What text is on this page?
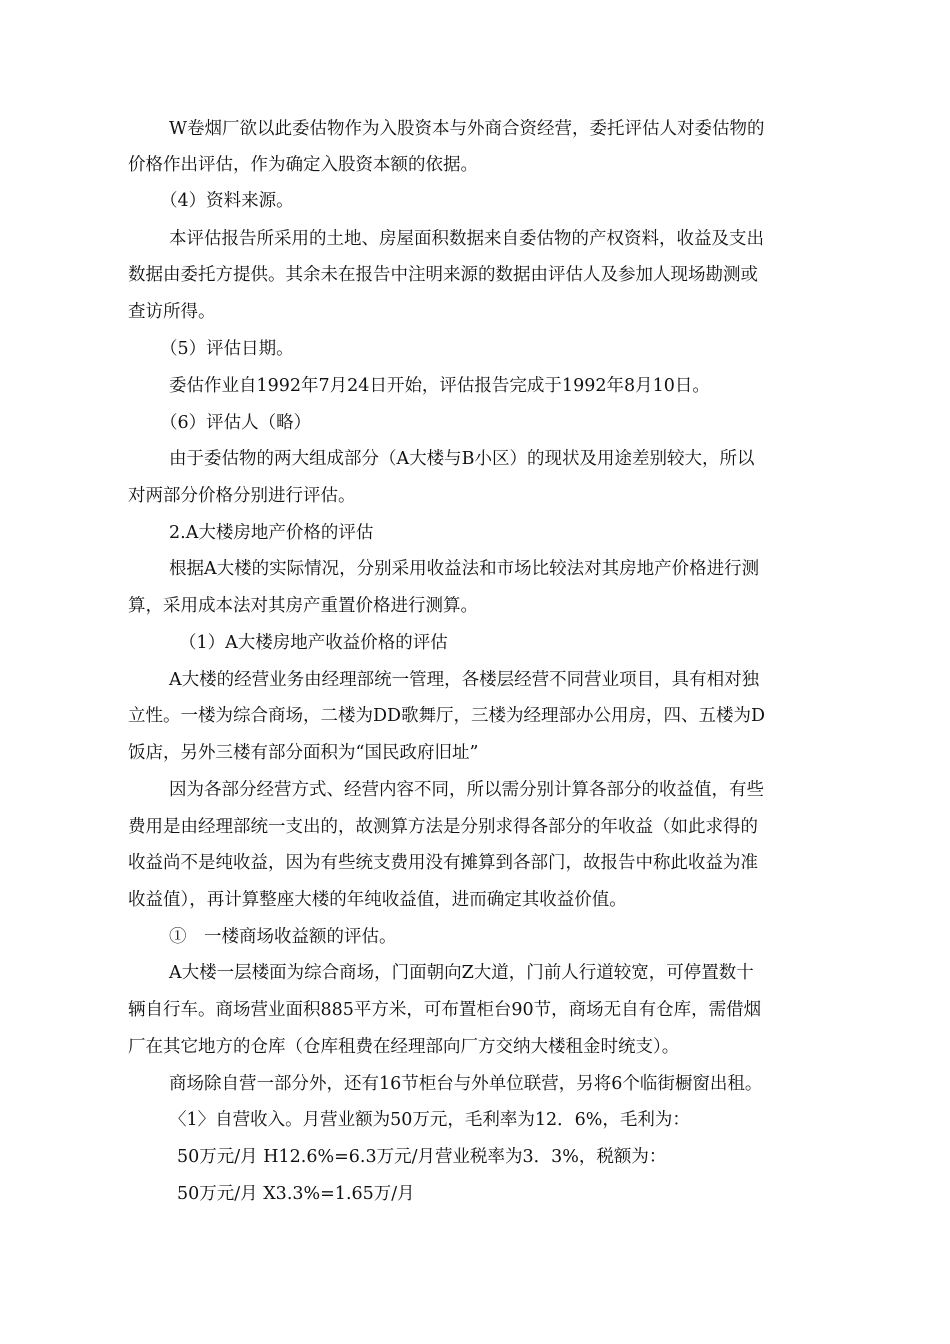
W卷烟厂欲以此委估物作为入股资本与外商合资经营，委托评估人对委估物的
价格作出评估，作为确定入股资本额的依据。
（4）资料来源。
本评估报告所采用的土地、房屋面积数据来自委估物的产权资料，收益及支出
数据由委托方提供。其余未在报告中注明来源的数据由评估人及参加人现场勘测或
查访所得。
（5）评估日期。
委估作业自1992年7月24日开始，评估报告完成于1992年8月10日。
（6）评估人（略）
由于委估物的两大组成部分（A大楼与B小区）的现状及用途差别较大，所以
对两部分价格分别进行评估。
2.A大楼房地产价格的评估
根据A大楼的实际情况，分别采用收益法和市场比较法对其房地产价格进行测
算，采用成本法对其房产重置价格进行测算。
（1）A大楼房地产收益价格的评估
A大楼的经营业务由经理部统一管理，各楼层经营不同营业项目，具有相对独
立性。一楼为综合商场，二楼为DD歌舞厅，三楼为经理部办公用房，四、五楼为D
饭店，另外三楼有部分面积为“国民政府旧址”
因为各部分经营方式、经营内容不同，所以需分别计算各部分的收益值，有些
费用是由经理部统一支出的，故测算方法是分别求得各部分的年收益（如此求得的
收益尚不是纯收益，因为有些统支费用没有摊算到各部门，故报告中称此收益为准
收益值），再计算整座大楼的年纯收益值，进而确定其收益价值。
①　一楼商场收益额的评估。
A大楼一层楼面为综合商场，门面朝向Z大道，门前人行道较宽，可停置数十
辆自行车。商场营业面积885平方米，可布置柜台90节，商场无自有仓库，需借烟
厂在其它地方的仓库（仓库租费在经理部向厂方交纳大楼租金时统支）。
商场除自营一部分外，还有16节柜台与外单位联营，另将6个临街橱窗出租。
〈1〉自营收入。月营业额为50万元，毛利率为12．6%，毛利为：
50万元/月 Η12.6%=6.3万元/月营业税率为3．3%，税额为：
50万元/月 X3.3%=1.65万/月
